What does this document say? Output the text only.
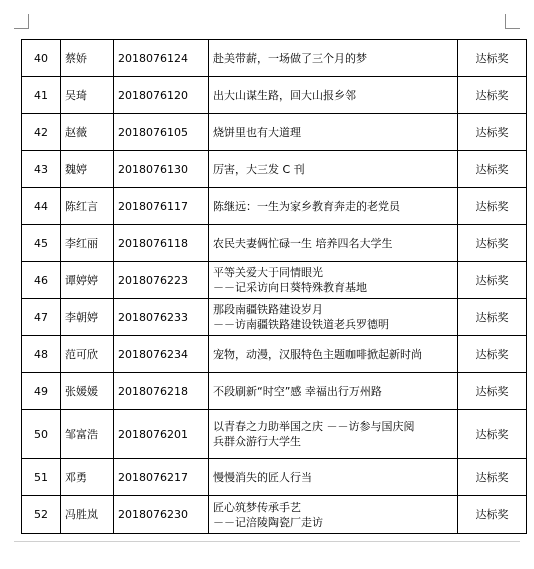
40	蔡娇	2018076124	赴美带薪，一场做了三个月的梦	达标奖
41	吴琦	2018076120	出大山谋生路，回大山报乡邻	达标奖
42	赵薇	2018076105	烧饼里也有大道理	达标奖
43	魏婷	2018076130	厉害，大三发 C 刊	达标奖
44	陈红言	2018076117	陈继远：一生为家乡教育奔走的老党员	达标奖
45	李红丽	2018076118	农民夫妻俩忙碌一生 培养四名大学生	达标奖
46	谭婷婷	2018076223	平等关爱大于同情眼光
－－记采访向日葵特殊教育基地	达标奖
47	李朝婷	2018076233	那段南疆铁路建设岁月
－－访南疆铁路建设铁道老兵罗德明	达标奖
48	范可欣	2018076234	宠物，动漫，汉服特色主题咖啡掀起新时尚	达标奖
49	张媛媛	2018076218	不段刷新“时空”感 幸福出行万州路	达标奖
50	邹富浩	2018076201	以青春之力助举国之庆 －－访参与国庆阅
兵群众游行大学生	达标奖
51	邓勇	2018076217	慢慢消失的匠人行当	达标奖
52	冯胜岚	2018076230	匠心筑梦传承手艺
－－记涪陵陶瓷厂走访	达标奖
